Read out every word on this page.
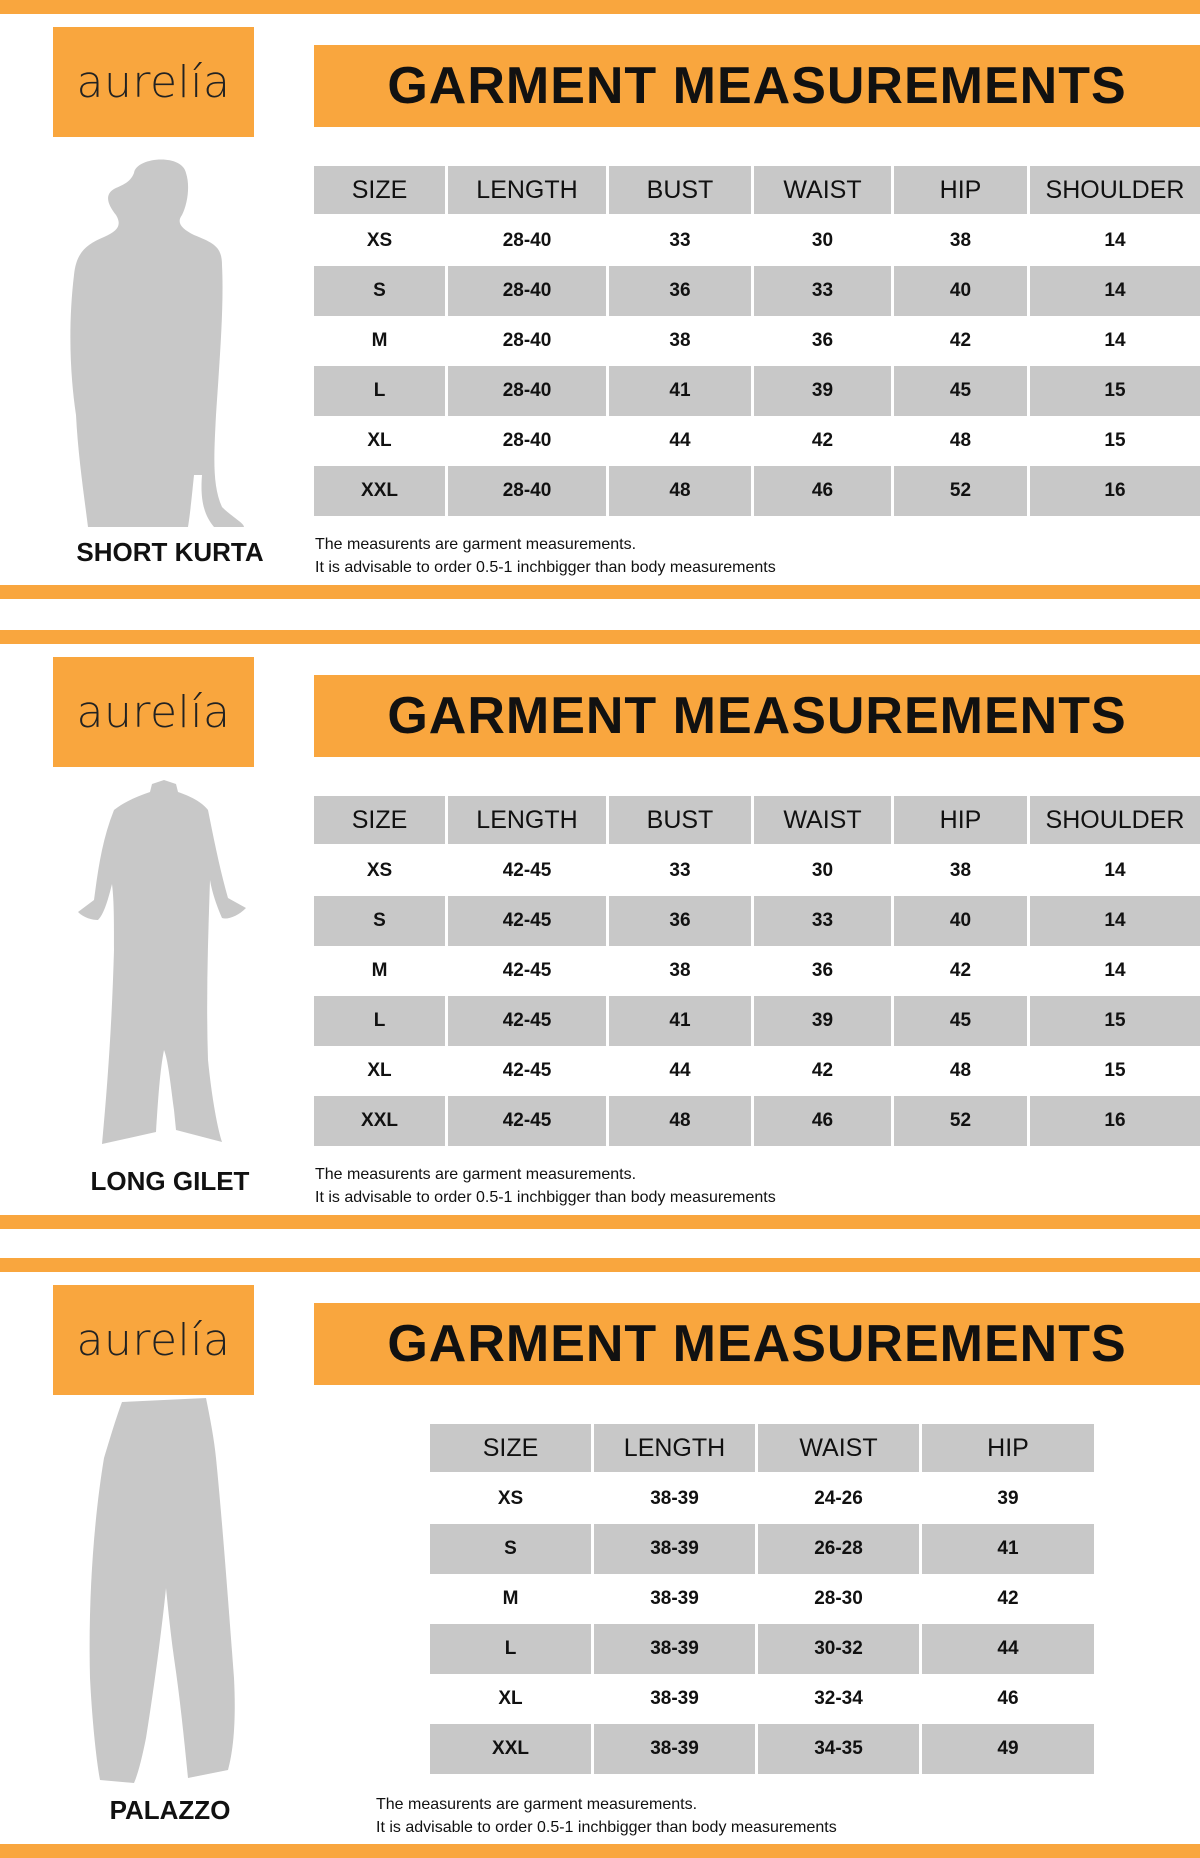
aurelía	GARMENT MEASUREMENTS
SHORT KURTA
SIZE	LENGTH	BUST	WAIST	HIP	SHOULDER
XS	28-40	33	30	38	14
S	28-40	36	33	40	14
M	28-40	38	36	42	14
L	28-40	41	39	45	15
XL	28-40	44	42	48	15
XXL	28-40	48	46	52	16
The measurents are garment measurements.
It is advisable to order 0.5-1 inchbigger than body measurements
aurelía	GARMENT MEASUREMENTS
LONG GILET
SIZE	LENGTH	BUST	WAIST	HIP	SHOULDER
XS	42-45	33	30	38	14
S	42-45	36	33	40	14
M	42-45	38	36	42	14
L	42-45	41	39	45	15
XL	42-45	44	42	48	15
XXL	42-45	48	46	52	16
The measurents are garment measurements.
It is advisable to order 0.5-1 inchbigger than body measurements
aurelía	GARMENT MEASUREMENTS
PALAZZO
SIZE	LENGTH	WAIST	HIP
XS	38-39	24-26	39
S	38-39	26-28	41
M	38-39	28-30	42
L	38-39	30-32	44
XL	38-39	32-34	46
XXL	38-39	34-35	49
The measurents are garment measurements.
It is advisable to order 0.5-1 inchbigger than body measurements
